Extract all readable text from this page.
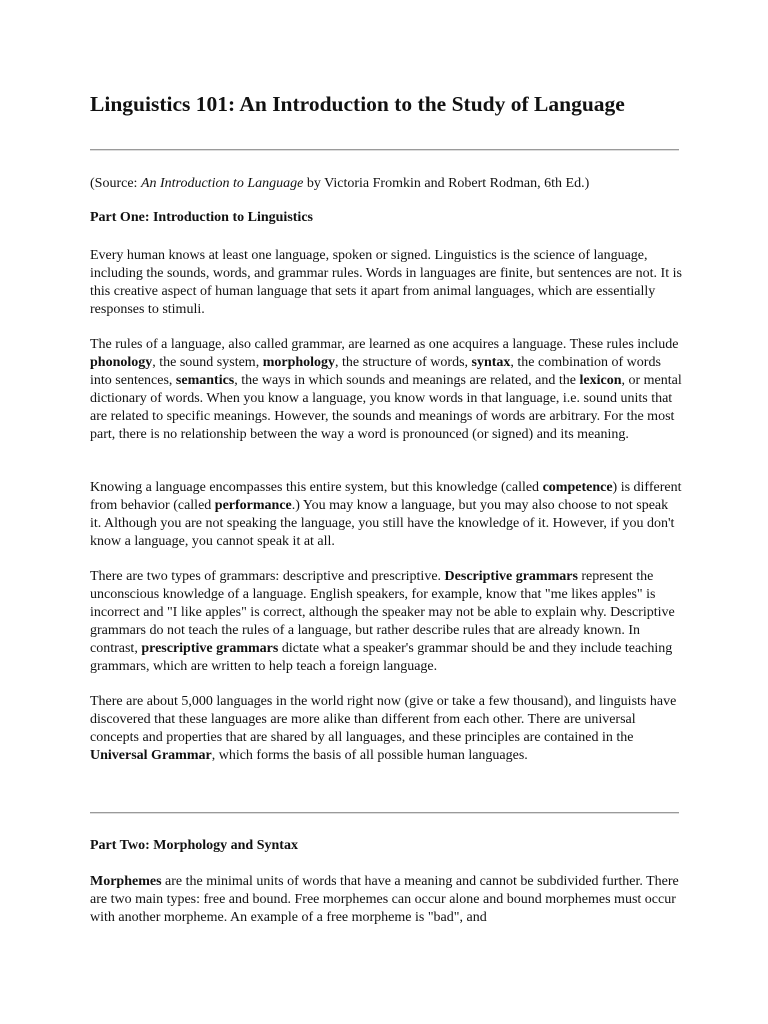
Linguistics 101: An Introduction to the Study of Language

(Source: An Introduction to Language by Victoria Fromkin and Robert Rodman, 6th Ed.)

Part One: Introduction to Linguistics

Every human knows at least one language, spoken or signed. Linguistics is the science of language, including the sounds, words, and grammar rules. Words in languages are finite, but sentences are not. It is this creative aspect of human language that sets it apart from animal languages, which are essentially responses to stimuli.

The rules of a language, also called grammar, are learned as one acquires a language. These rules include phonology, the sound system, morphology, the structure of words, syntax, the combination of words into sentences, semantics, the ways in which sounds and meanings are related, and the lexicon, or mental dictionary of words. When you know a language, you know words in that language, i.e. sound units that are related to specific meanings. However, the sounds and meanings of words are arbitrary. For the most part, there is no relationship between the way a word is pronounced (or signed) and its meaning.

Knowing a language encompasses this entire system, but this knowledge (called competence) is different from behavior (called performance.) You may know a language, but you may also choose to not speak it. Although you are not speaking the language, you still have the knowledge of it. However, if you don't know a language, you cannot speak it at all.

There are two types of grammars: descriptive and prescriptive. Descriptive grammars represent the unconscious knowledge of a language. English speakers, for example, know that "me likes apples" is incorrect and "I like apples" is correct, although the speaker may not be able to explain why. Descriptive grammars do not teach the rules of a language, but rather describe rules that are already known. In contrast, prescriptive grammars dictate what a speaker's grammar should be and they include teaching grammars, which are written to help teach a foreign language.

There are about 5,000 languages in the world right now (give or take a few thousand), and linguists have discovered that these languages are more alike than different from each other. There are universal concepts and properties that are shared by all languages, and these principles are contained in the Universal Grammar, which forms the basis of all possible human languages.

Part Two: Morphology and Syntax

Morphemes are the minimal units of words that have a meaning and cannot be subdivided further. There are two main types: free and bound. Free morphemes can occur alone and bound morphemes must occur with another morpheme. An example of a free morpheme is "bad", and
